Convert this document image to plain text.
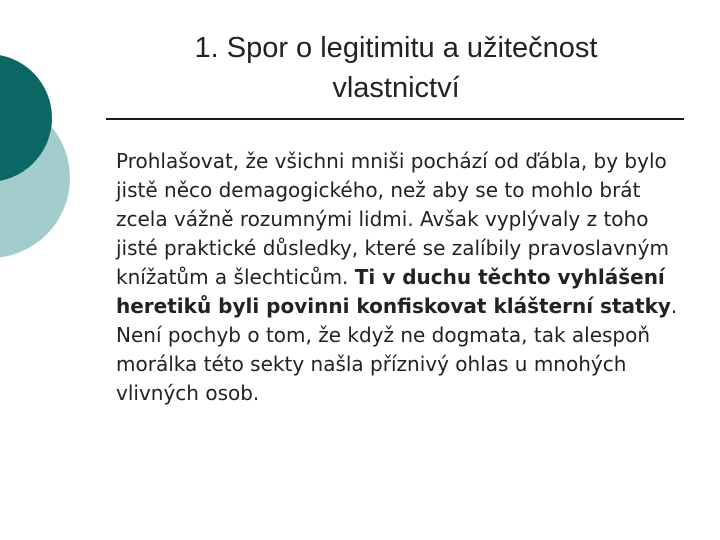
1. Spor o legitimitu a užitečnost
vlastnictví

Prohlašovat, že všichni mniši pochází od ďábla, by bylo jistě něco demagogického, než aby se to mohlo brát zcela vážně rozumnými lidmi. Avšak vyplývaly z toho jisté praktické důsledky, které se zalíbily pravoslavným knížatům a šlechticům. Ti v duchu těchto vyhlášení heretiků byli povinni konfiskovat klášterní statky. Není pochyb o tom, že když ne dogmata, tak alespoň morálka této sekty našla příznivý ohlas u mnohých vlivných osob.
